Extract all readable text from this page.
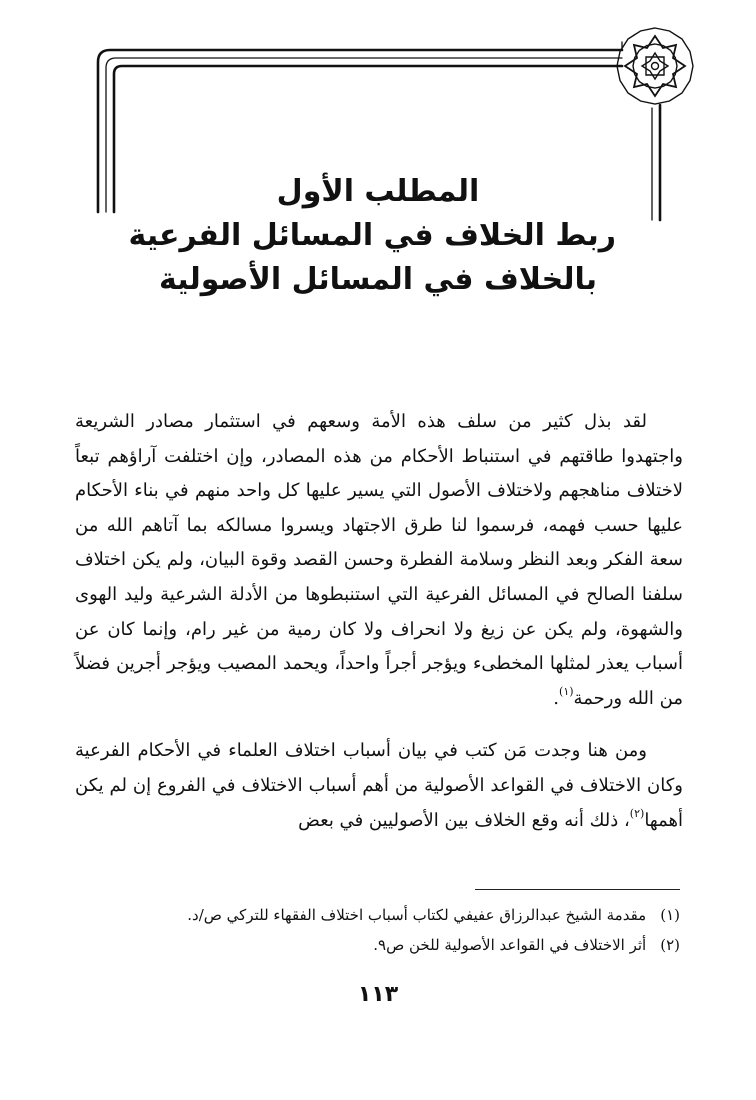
المطلب الأول
ربط الخلاف في المسائل الفرعية
بالخلاف في المسائل الأصولية

لقد بذل كثير من سلف هذه الأمة وسعهم في استثمار مصادر الشريعة واجتهدوا طاقتهم في استنباط الأحكام من هذه المصادر، وإن اختلفت آراؤهم تبعاً لاختلاف مناهجهم ولاختلاف الأصول التي يسير عليها كل واحد منهم في بناء الأحكام عليها حسب فهمه، فرسموا لنا طرق الاجتهاد ويسروا مسالكه بما آتاهم الله من سعة الفكر وبعد النظر وسلامة الفطرة وحسن القصد وقوة البيان، ولم يكن اختلاف سلفنا الصالح في المسائل الفرعية التي استنبطوها من الأدلة الشرعية وليد الهوى والشهوة، ولم يكن عن زيغ ولا انحراف ولا كان رمية من غير رام، وإنما كان عن أسباب يعذر لمثلها المخطىء ويؤجر أجراً واحداً، ويحمد المصيب ويؤجر أجرين فضلاً من الله ورحمة$^{(١)}$.

ومن هنا وجدت مَن كتب في بيان أسباب اختلاف العلماء في الأحكام الفرعية وكان الاختلاف في القواعد الأصولية من أهم أسباب الاختلاف في الفروع إن لم يكن أهمها$^{(٢)}$، ذلك أنه وقع الخلاف بين الأصوليين في بعض

(١)مقدمة الشيخ عبدالرزاق عفيفي لكتاب أسباب اختلاف الفقهاء للتركي ص/د.
(٢)أثر الاختلاف في القواعد الأصولية للخن ص٩.
١١٣
